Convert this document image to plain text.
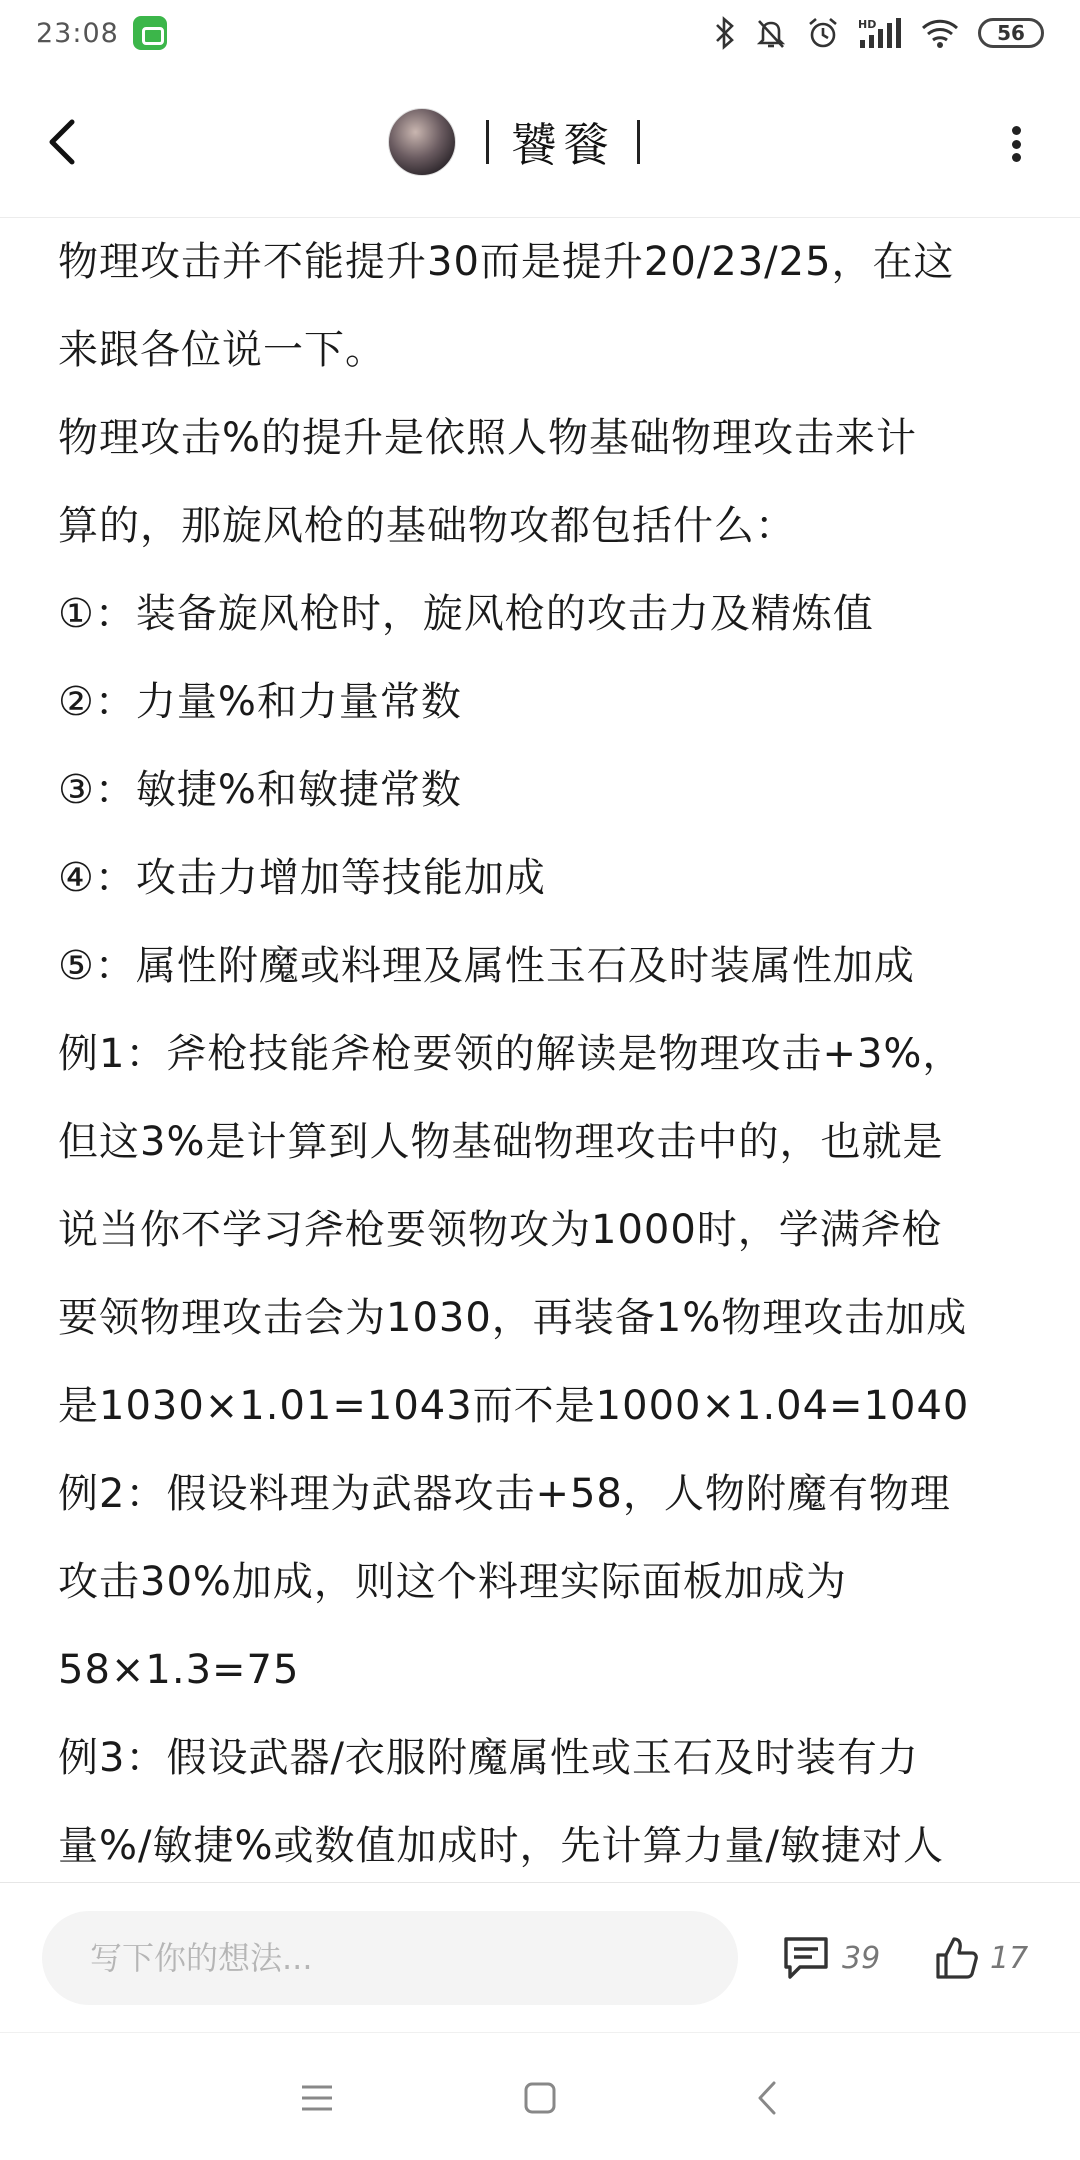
23:08	HD	56
饕餮

物理攻击并不能提升30而是提升20/23/25，在这

来跟各位说一下。

物理攻击%的提升是依照人物基础物理攻击来计

算的，那旋风枪的基础物攻都包括什么：

①：装备旋风枪时，旋风枪的攻击力及精炼值

②：力量%和力量常数

③：敏捷%和敏捷常数

④：攻击力增加等技能加成

⑤：属性附魔或料理及属性玉石及时装属性加成

例1：斧枪技能斧枪要领的解读是物理攻击+3%，

但这3%是计算到人物基础物理攻击中的，也就是

说当你不学习斧枪要领物攻为1000时，学满斧枪

要领物理攻击会为1030，再装备1%物理攻击加成

是1030×1.01=1043而不是1000×1.04=1040

例2：假设料理为武器攻击+58，人物附魔有物理

攻击30%加成，则这个料理实际面板加成为

58×1.3=75

例3：假设武器/衣服附魔属性或玉石及时装有力

量%/敏捷%或数值加成时，先计算力量/敏捷对人

写下你的想法...
39	17
